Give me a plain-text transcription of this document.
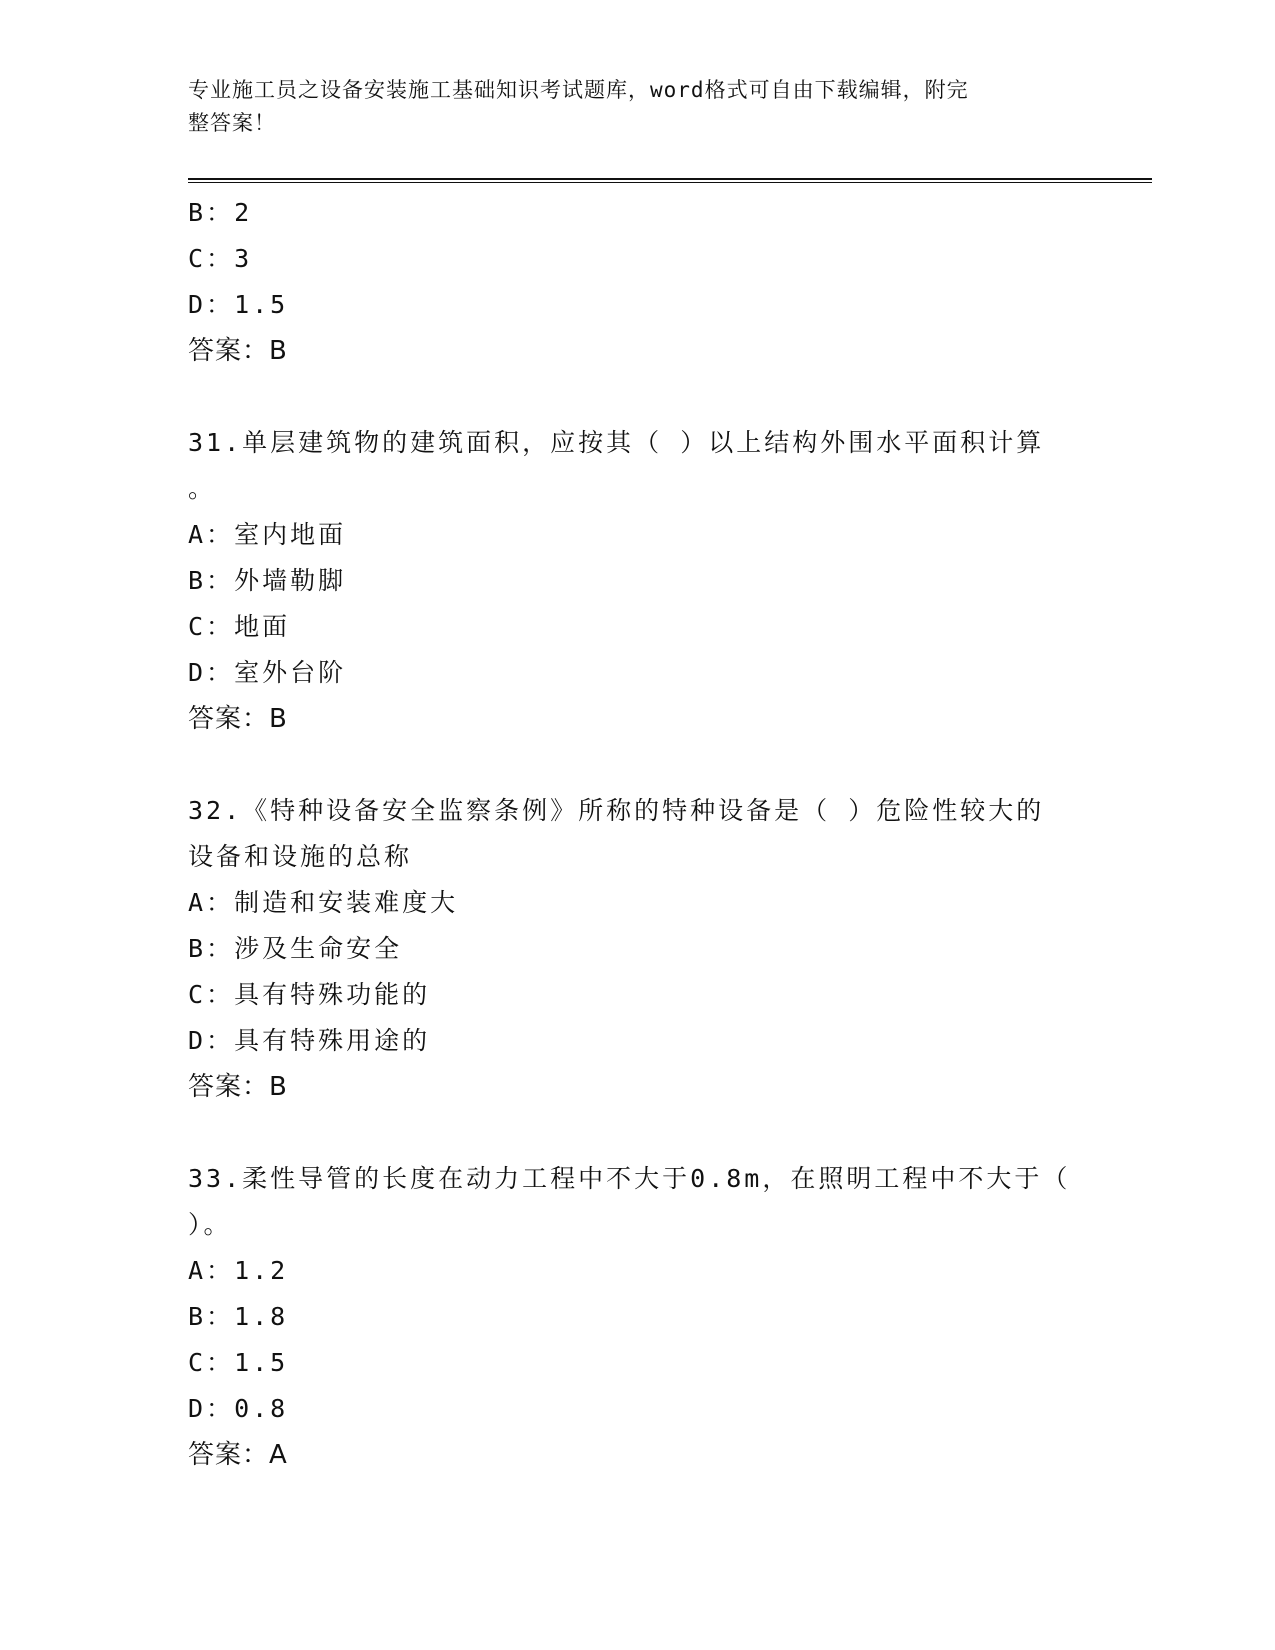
专业施工员之设备安装施工基础知识考试题库，word格式可自由下载编辑，附完
整答案！
B：2
C：3
D：1.5
答案：B
31.单层建筑物的建筑面积，应按其（ ）以上结构外围水平面积计算
。
A：室内地面
B：外墙勒脚
C：地面
D：室外台阶
答案：B
32.《特种设备安全监察条例》所称的特种设备是（ ）危险性较大的
设备和设施的总称
A：制造和安装难度大
B：涉及生命安全
C：具有特殊功能的
D：具有特殊用途的
答案：B
33.柔性导管的长度在动力工程中不大于0.8m，在照明工程中不大于（
）。
A：1.2
B：1.8
C：1.5
D：0.8
答案：A
